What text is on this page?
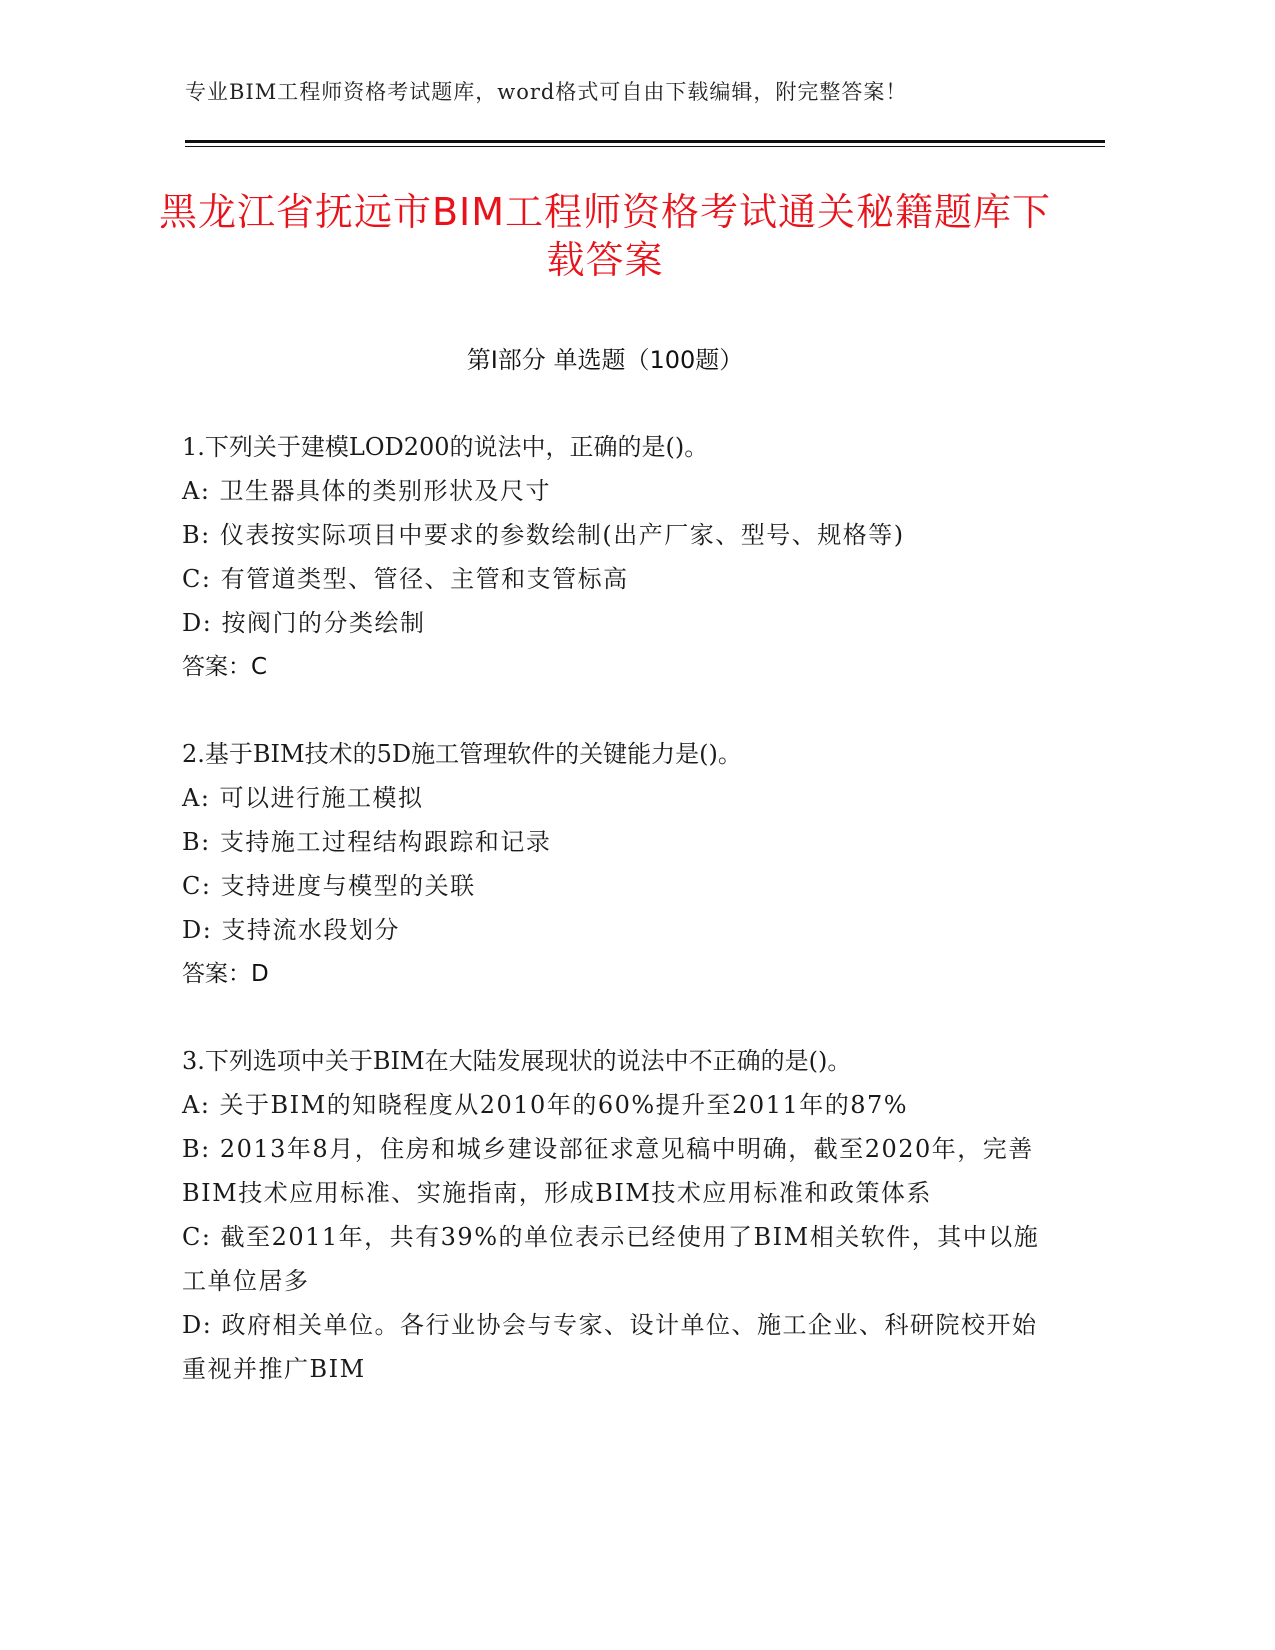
专业BIM工程师资格考试题库，word格式可自由下载编辑，附完整答案！
黑龙江省抚远市BIM工程师资格考试通关秘籍题库下载答案
第Ⅰ部分 单选题（100题）

1.下列关于建模LOD200的说法中，正确的是()。

A: 卫生器具体的类别形状及尺寸

B: 仪表按实际项目中要求的参数绘制(出产厂家、型号、规格等)

C: 有管道类型、管径、主管和支管标高

D: 按阀门的分类绘制

答案：C

2.基于BIM技术的5D施工管理软件的关键能力是()。

A: 可以进行施工模拟

B: 支持施工过程结构跟踪和记录

C: 支持进度与模型的关联

D: 支持流水段划分

答案：D

3.下列选项中关于BIM在大陆发展现状的说法中不正确的是()。

A: 关于BIM的知晓程度从2010年的60%提升至2011年的87%

B: 2013年8月，住房和城乡建设部征求意见稿中明确，截至2020年，完善BIM技术应用标准、实施指南，形成BIM技术应用标准和政策体系

C: 截至2011年，共有39%的单位表示已经使用了BIM相关软件，其中以施工单位居多

D: 政府相关单位。各行业协会与专家、设计单位、施工企业、科研院校开始重视并推广BIM
